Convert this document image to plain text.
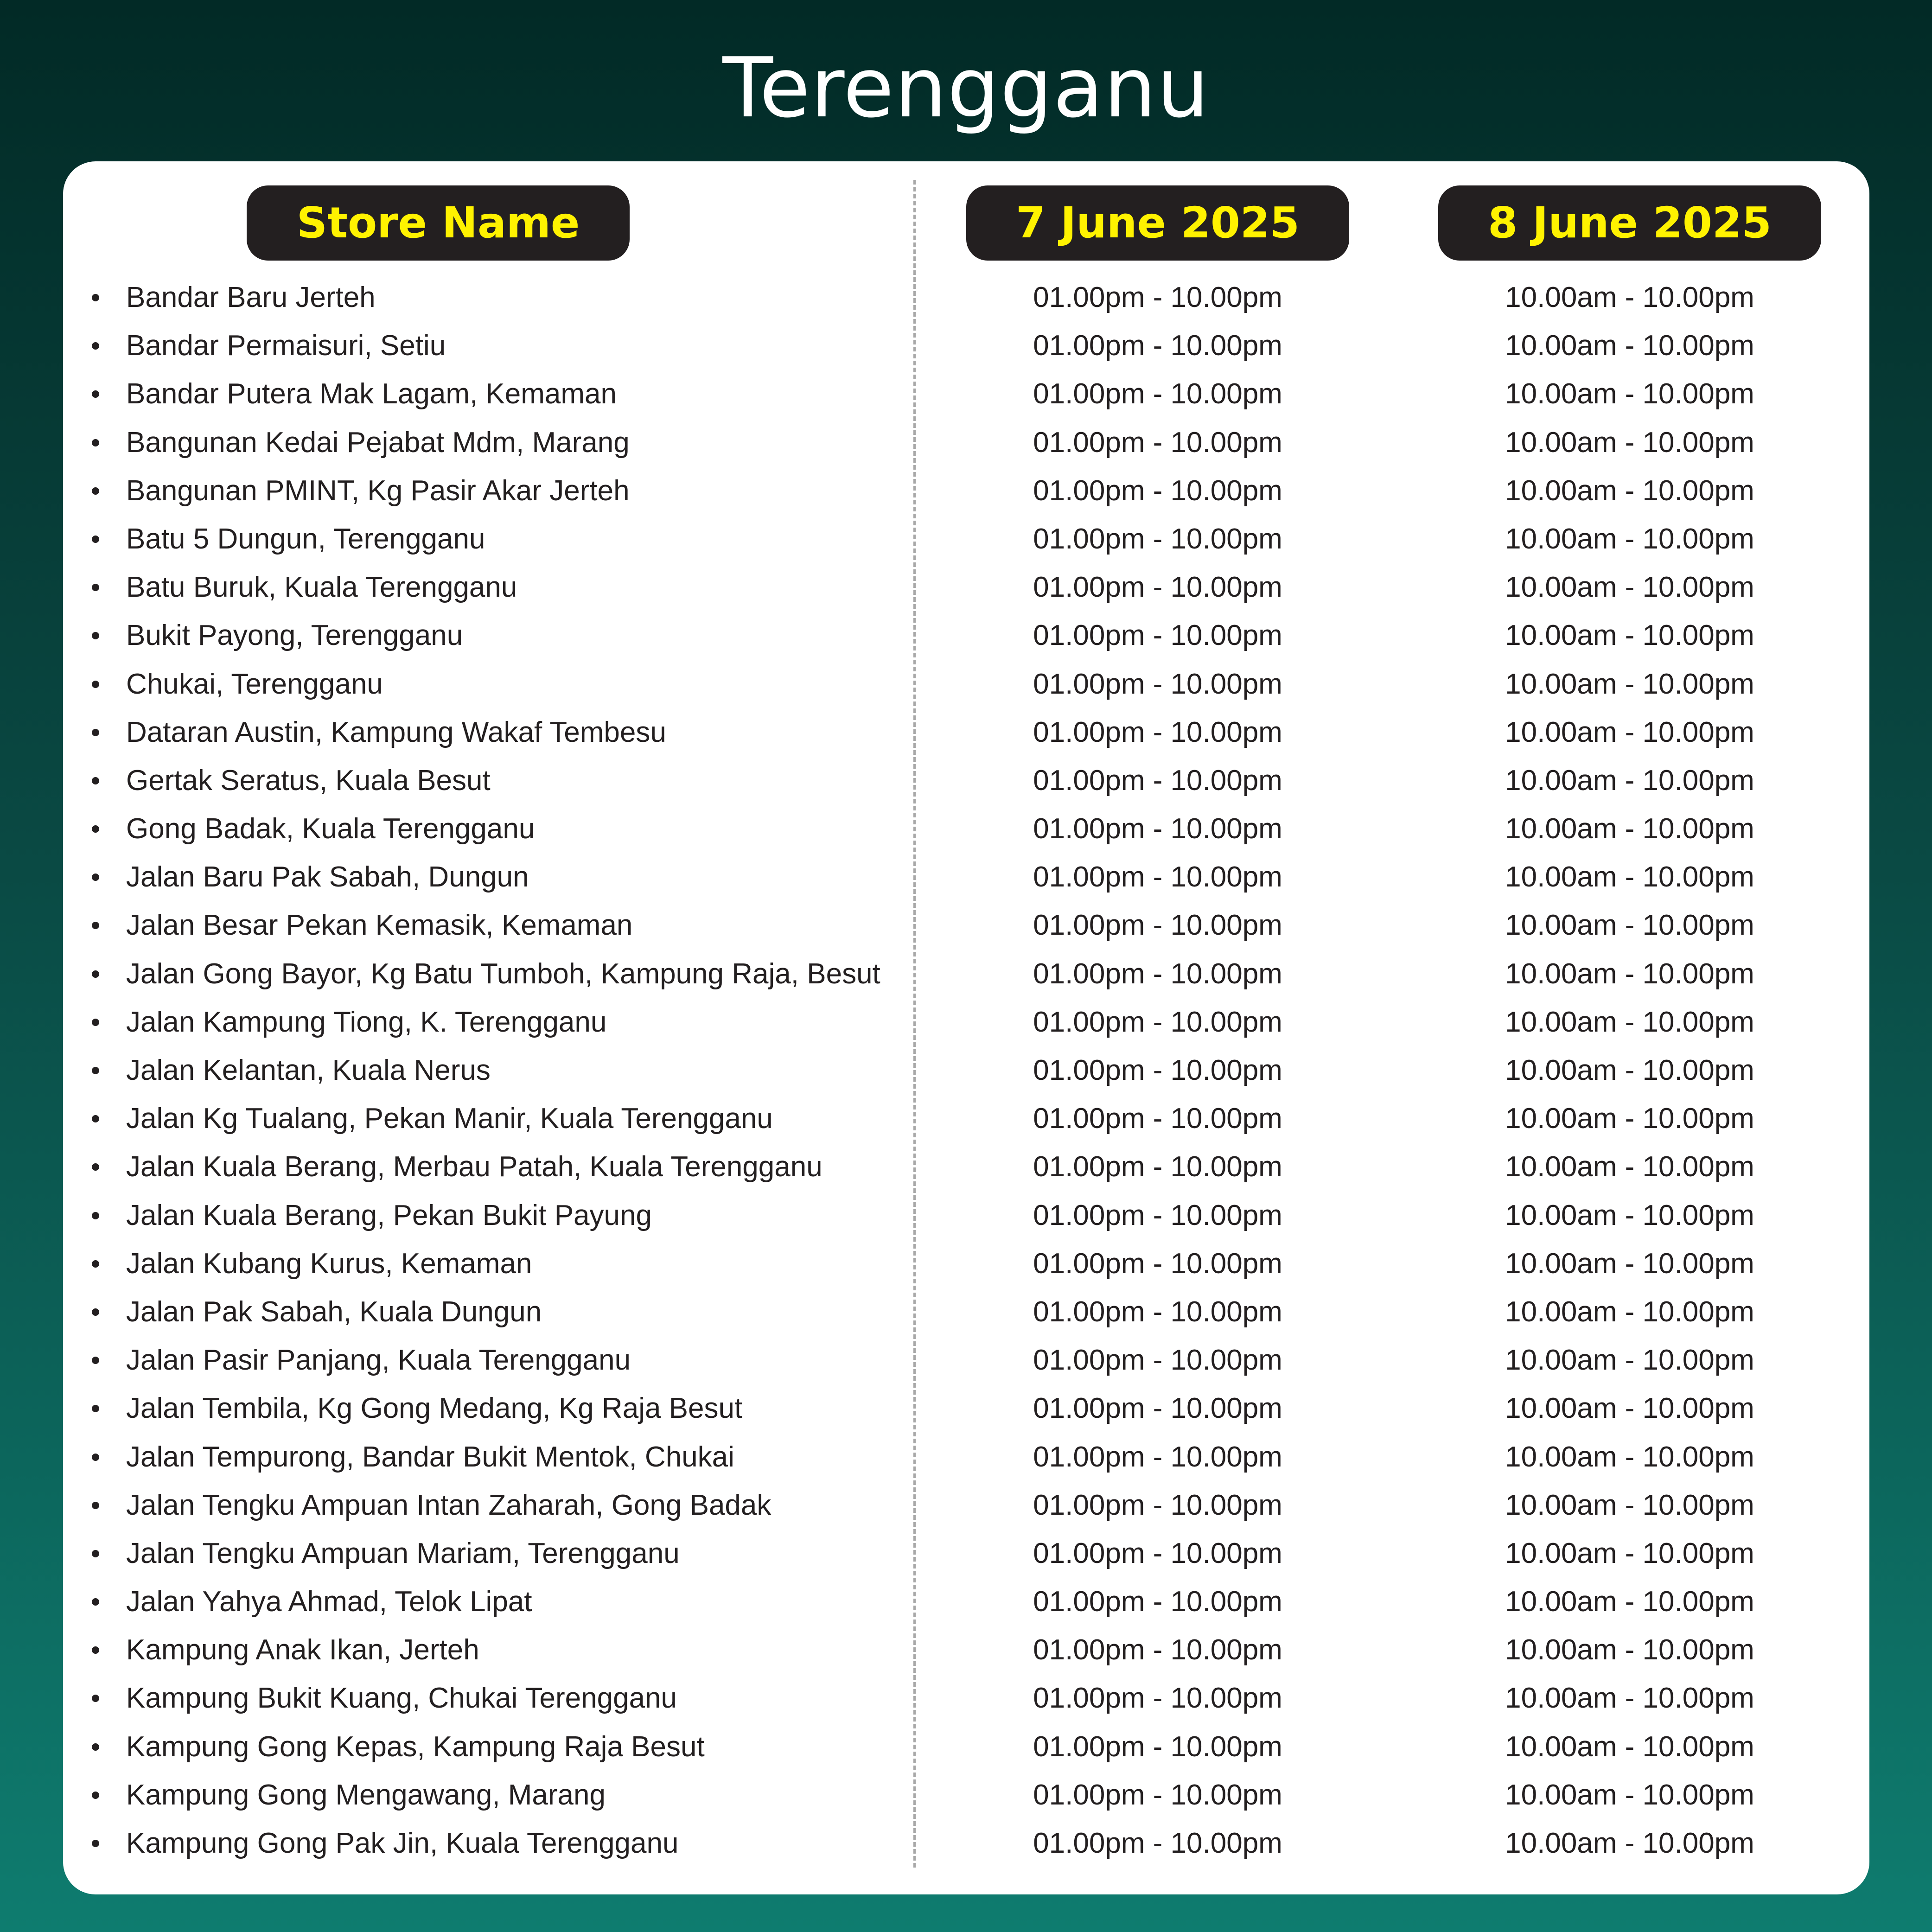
Terengganu
Store Name	7 June 2025	8 June 2025
Bandar Baru Jerteh	01.00pm - 10.00pm	10.00am - 10.00pm
Bandar Permaisuri, Setiu	01.00pm - 10.00pm	10.00am - 10.00pm
Bandar Putera Mak Lagam, Kemaman	01.00pm - 10.00pm	10.00am - 10.00pm
Bangunan Kedai Pejabat Mdm, Marang	01.00pm - 10.00pm	10.00am - 10.00pm
Bangunan PMINT, Kg Pasir Akar Jerteh	01.00pm - 10.00pm	10.00am - 10.00pm
Batu 5 Dungun, Terengganu	01.00pm - 10.00pm	10.00am - 10.00pm
Batu Buruk, Kuala Terengganu	01.00pm - 10.00pm	10.00am - 10.00pm
Bukit Payong, Terengganu	01.00pm - 10.00pm	10.00am - 10.00pm
Chukai, Terengganu	01.00pm - 10.00pm	10.00am - 10.00pm
Dataran Austin, Kampung Wakaf Tembesu	01.00pm - 10.00pm	10.00am - 10.00pm
Gertak Seratus, Kuala Besut	01.00pm - 10.00pm	10.00am - 10.00pm
Gong Badak, Kuala Terengganu	01.00pm - 10.00pm	10.00am - 10.00pm
Jalan Baru Pak Sabah, Dungun	01.00pm - 10.00pm	10.00am - 10.00pm
Jalan Besar Pekan Kemasik, Kemaman	01.00pm - 10.00pm	10.00am - 10.00pm
Jalan Gong Bayor, Kg Batu Tumboh, Kampung Raja, Besut	01.00pm - 10.00pm	10.00am - 10.00pm
Jalan Kampung Tiong, K. Terengganu	01.00pm - 10.00pm	10.00am - 10.00pm
Jalan Kelantan, Kuala Nerus	01.00pm - 10.00pm	10.00am - 10.00pm
Jalan Kg Tualang, Pekan Manir, Kuala Terengganu	01.00pm - 10.00pm	10.00am - 10.00pm
Jalan Kuala Berang, Merbau Patah, Kuala Terengganu	01.00pm - 10.00pm	10.00am - 10.00pm
Jalan Kuala Berang, Pekan Bukit Payung	01.00pm - 10.00pm	10.00am - 10.00pm
Jalan Kubang Kurus, Kemaman	01.00pm - 10.00pm	10.00am - 10.00pm
Jalan Pak Sabah, Kuala Dungun	01.00pm - 10.00pm	10.00am - 10.00pm
Jalan Pasir Panjang, Kuala Terengganu	01.00pm - 10.00pm	10.00am - 10.00pm
Jalan Tembila, Kg Gong Medang, Kg Raja Besut	01.00pm - 10.00pm	10.00am - 10.00pm
Jalan Tempurong, Bandar Bukit Mentok, Chukai	01.00pm - 10.00pm	10.00am - 10.00pm
Jalan Tengku Ampuan Intan Zaharah, Gong Badak	01.00pm - 10.00pm	10.00am - 10.00pm
Jalan Tengku Ampuan Mariam, Terengganu	01.00pm - 10.00pm	10.00am - 10.00pm
Jalan Yahya Ahmad, Telok Lipat	01.00pm - 10.00pm	10.00am - 10.00pm
Kampung Anak Ikan, Jerteh	01.00pm - 10.00pm	10.00am - 10.00pm
Kampung Bukit Kuang, Chukai Terengganu	01.00pm - 10.00pm	10.00am - 10.00pm
Kampung Gong Kepas, Kampung Raja Besut	01.00pm - 10.00pm	10.00am - 10.00pm
Kampung Gong Mengawang, Marang	01.00pm - 10.00pm	10.00am - 10.00pm
Kampung Gong Pak Jin, Kuala Terengganu	01.00pm - 10.00pm	10.00am - 10.00pm
